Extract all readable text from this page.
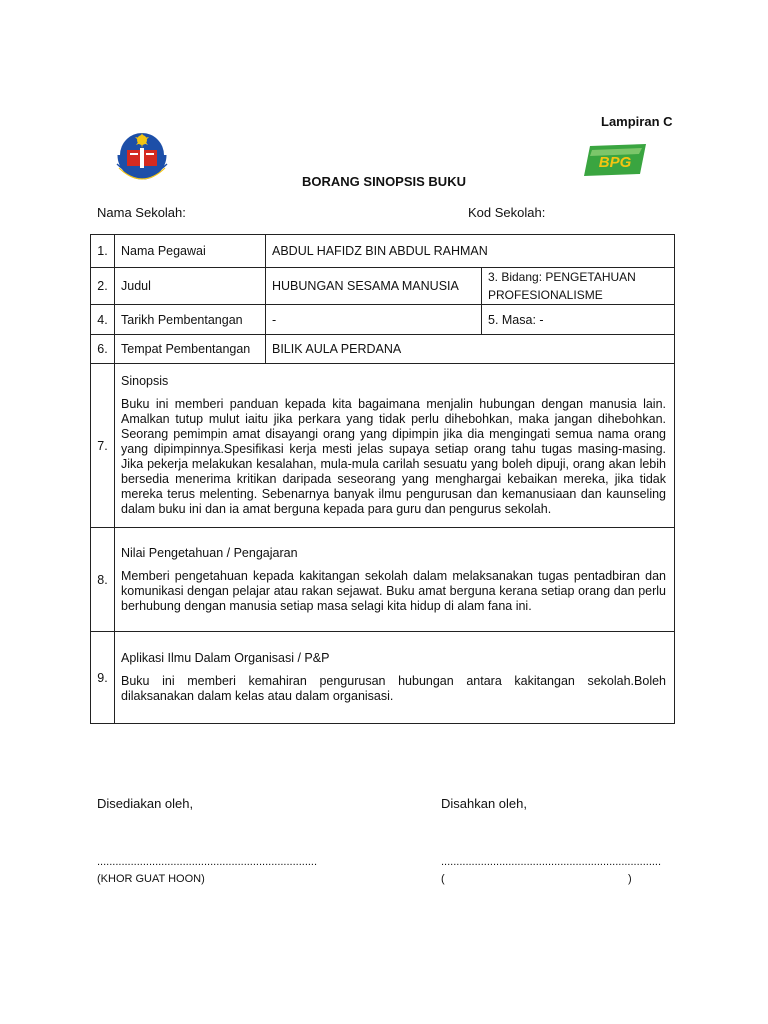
Lampiran C
BPG
BORANG SINOPSIS BUKU
Nama Sekolah:	Kod Sekolah:
1.	Nama Pegawai	ABDUL HAFIDZ BIN ABDUL RAHMAN	
2.	Judul	HUBUNGAN SESAMA MANUSIA	3. Bidang: PENGETAHUAN PROFESIONALISME
4.	Tarikh Pembentangan	-	5. Masa: -
6.	Tempat Pembentangan	BILIK AULA PERDANA	
7.	Sinopsis
Buku ini memberi panduan kepada kita bagaimana menjalin hubungan dengan manusia lain. Amalkan tutup mulut iaitu jika perkara yang tidak perlu dihebohkan, maka jangan dihebohkan. Seorang pemimpin amat disayangi orang yang dipimpin jika dia mengingati semua nama orang yang dipimpinnya.Spesifikasi kerja mesti jelas supaya setiap orang tahu tugas masing-masing. Jika pekerja melakukan kesalahan, mula-mula carilah sesuatu yang boleh dipuji, orang akan lebih bersedia menerima kritikan daripada seseorang yang menghargai kebaikan mereka, jika tidak mereka terus melenting. Sebenarnya banyak ilmu pengurusan dan kemanusiaan dan kaunseling dalam buku ini dan ia amat berguna kepada para guru dan pengurus sekolah.		

8.	Nilai Pengetahuan / Pengajaran
Memberi pengetahuan kepada kakitangan sekolah dalam melaksanakan tugas pentadbiran dan komunikasi dengan pelajar atau rakan sejawat. Buku amat berguna kerana setiap orang dan perlu berhubung dengan manusia setiap masa selagi kita hidup di alam fana ini.		

9.	Aplikasi Ilmu Dalam Organisasi / P&P
Buku ini memberi kemahiran pengurusan hubungan antara kakitangan sekolah.Boleh dilaksanakan dalam kelas atau dalam organisasi.		
Disediakan oleh,	Disahkan oleh,
........................................................................	........................................................................
(KHOR GUAT HOON)	(	)
